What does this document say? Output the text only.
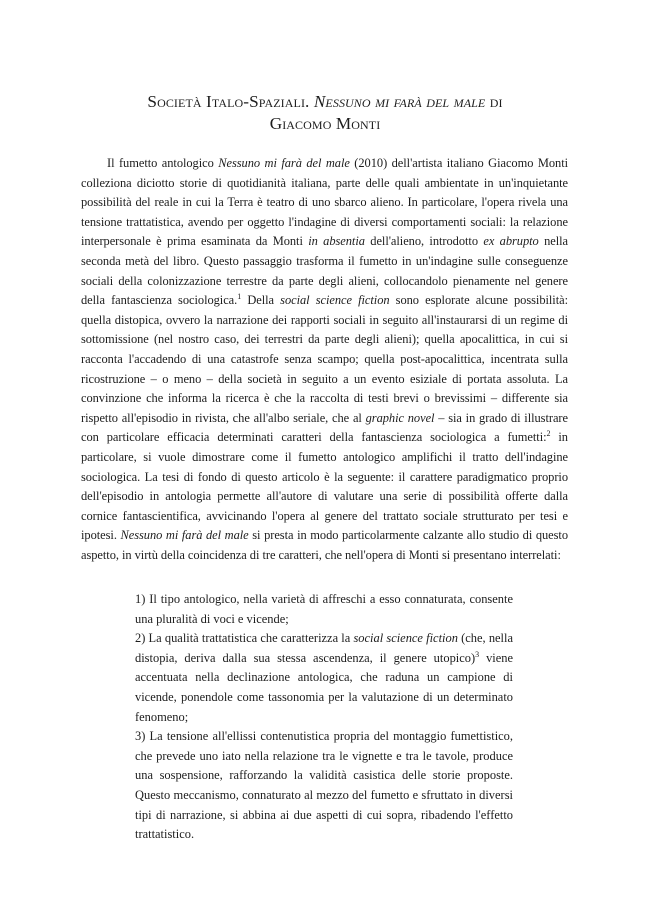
Società Italo-Spaziali. Nessuno mi farà del male di
Giacomo Monti

Il fumetto antologico Nessuno mi farà del male (2010) dell'artista italiano Giacomo Monti colleziona diciotto storie di quotidianità italiana, parte delle quali ambientate in un'inquietante possibilità del reale in cui la Terra è teatro di uno sbarco alieno. In particolare, l'opera rivela una tensione trattatistica, avendo per oggetto l'indagine di diversi comportamenti sociali: la relazione interpersonale è prima esaminata da Monti in absentia dell'alieno, introdotto ex abrupto nella seconda metà del libro. Questo passaggio trasforma il fumetto in un'indagine sulle conseguenze sociali della colonizzazione terrestre da parte degli alieni, collocandolo pienamente nel genere della fantascienza sociologica.$^1$ Della social science fiction sono esplorate alcune possibilità: quella distopica, ovvero la narrazione dei rapporti sociali in seguito all'instaurarsi di un regime di sottomissione (nel nostro caso, dei terrestri da parte degli alieni); quella apocalittica, in cui si racconta l'accadendo di una catastrofe senza scampo; quella post-apocalittica, incentrata sulla ricostruzione – o meno – della società in seguito a un evento esiziale di portata assoluta. La convinzione che informa la ricerca è che la raccolta di testi brevi o brevissimi – differente sia rispetto all'episodio in rivista, che all'albo seriale, che al graphic novel – sia in grado di illustrare con particolare efficacia determinati caratteri della fantascienza sociologica a fumetti:$^2$ in particolare, si vuole dimostrare come il fumetto antologico amplifichi il tratto dell'indagine sociologica. La tesi di fondo di questo articolo è la seguente: il carattere paradigmatico proprio dell'episodio in antologia permette all'autore di valutare una serie di possibilità offerte dalla cornice fantascientifica, avvicinando l'opera al genere del trattato sociale strutturato per tesi e ipotesi. Nessuno mi farà del male si presta in modo particolarmente calzante allo studio di questo aspetto, in virtù della coincidenza di tre caratteri, che nell'opera di Monti si presentano interrelati:

1) Il tipo antologico, nella varietà di affreschi a esso connaturata, consente una pluralità di voci e vicende;
2) La qualità trattatistica che caratterizza la social science fiction (che, nella distopia, deriva dalla sua stessa ascendenza, il genere utopico)$^3$ viene accentuata nella declinazione antologica, che raduna un campione di vicende, ponendole come tassonomia per la valutazione di un determinato fenomeno;
3) La tensione all'ellissi contenutistica propria del montaggio fumettistico, che prevede uno iato nella relazione tra le vignette e tra le tavole, produce una sospensione, rafforzando la validità casistica delle storie proposte. Questo meccanismo, connaturato al mezzo del fumetto e sfruttato in diversi tipi di narrazione, si abbina ai due aspetti di cui sopra, ribadendo l'effetto trattatistico.
